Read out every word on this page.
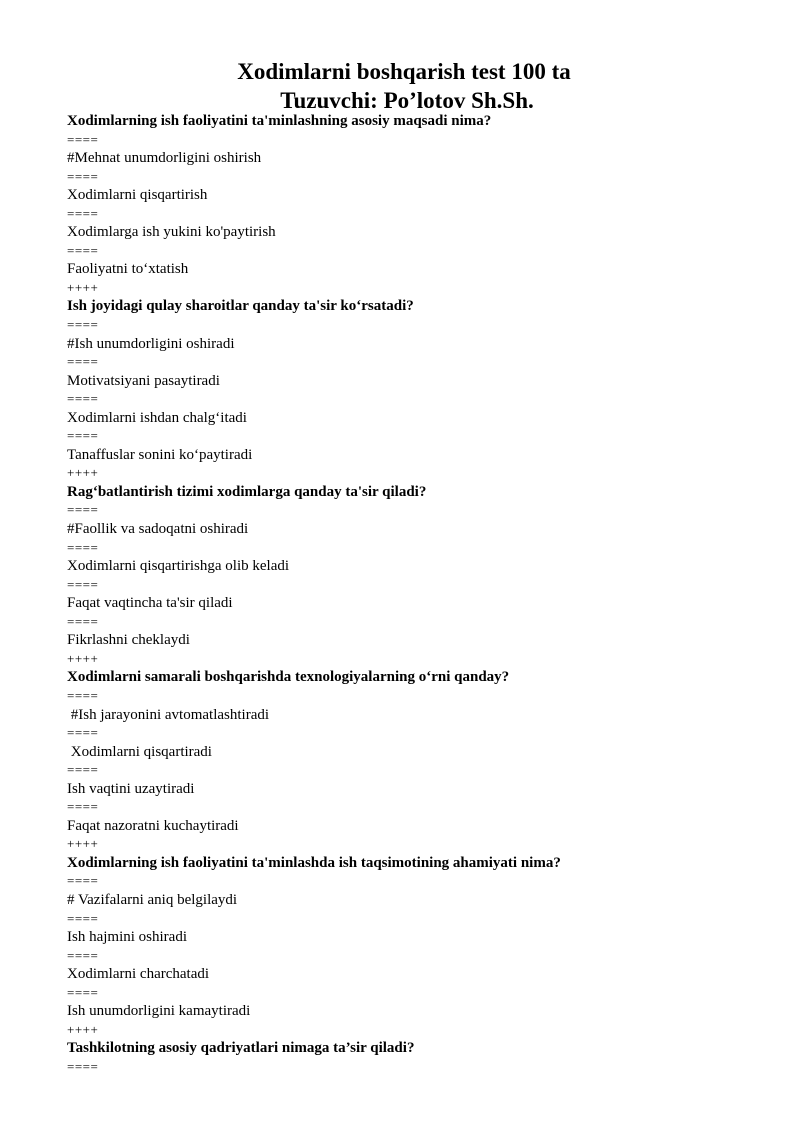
Xodimlarni boshqarish test 100 ta
Tuzuvchi: Po’lotov Sh.Sh.
Xodimlarning ish faoliyatini ta'minlashning asosiy maqsadi nima?
====
#Mehnat unumdorligini oshirish
====
Xodimlarni qisqartirish
====
Xodimlarga ish yukini ko'paytirish
====
Faoliyatni to‘xtatish
++++
Ish joyidagi qulay sharoitlar qanday ta'sir ko‘rsatadi?
====
#Ish unumdorligini oshiradi
====
Motivatsiyani pasaytiradi
====
Xodimlarni ishdan chalg‘itadi
====
Tanaffuslar sonini ko‘paytiradi
++++
Rag‘batlantirish tizimi xodimlarga qanday ta'sir qiladi?
====
#Faollik va sadoqatni oshiradi
====
Xodimlarni qisqartirishga olib keladi
====
Faqat vaqtincha ta'sir qiladi
====
Fikrlashni cheklaydi
++++
Xodimlarni samarali boshqarishda texnologiyalarning o‘rni qanday?
====
#Ish jarayonini avtomatlashtiradi
====
Xodimlarni qisqartiradi
====
Ish vaqtini uzaytiradi
====
Faqat nazoratni kuchaytiradi
++++
Xodimlarning ish faoliyatini ta'minlashda ish taqsimotining ahamiyati nima?
====
# Vazifalarni aniq belgilaydi
====
Ish hajmini oshiradi
====
Xodimlarni charchatadi
====
Ish unumdorligini kamaytiradi
++++
Tashkilotning asosiy qadriyatlari nimaga ta’sir qiladi?
====
